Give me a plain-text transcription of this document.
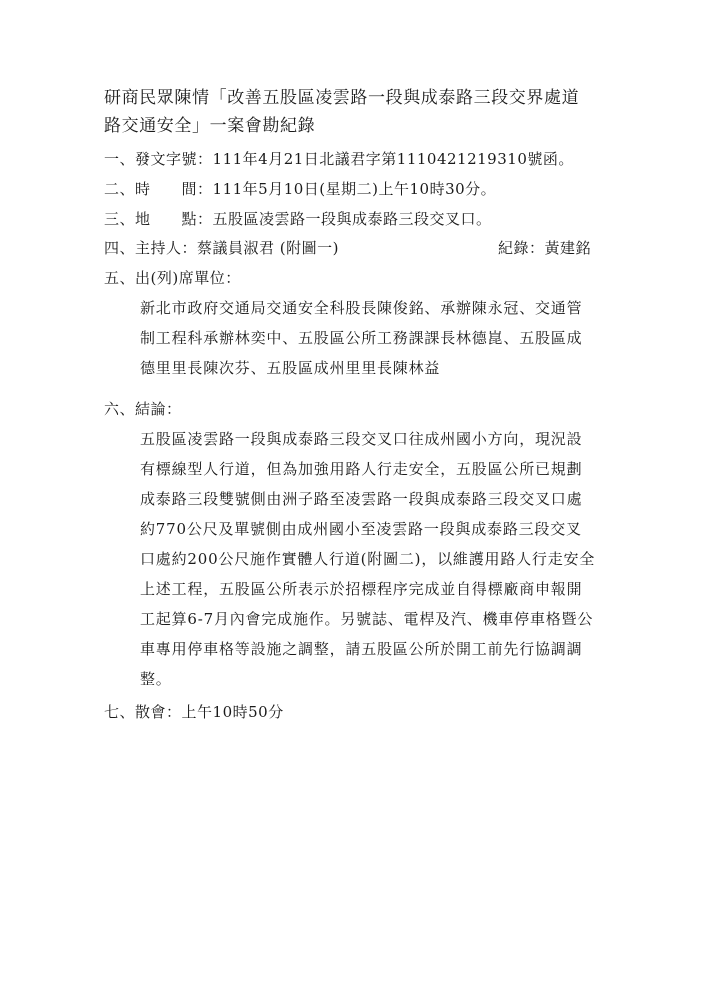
研商民眾陳情「改善五股區凌雲路一段與成泰路三段交界處道
路交通安全」一案會勘紀錄
一、發文字號：111年4月21日北議君字第1110421219310號函。
二、時　　間：111年5月10日(星期二)上午10時30分。
三、地　　點：五股區凌雲路一段與成泰路三段交叉口。
四、主持人：蔡議員淑君 (附圖一)	紀錄：黃建銘
五、出(列)席單位：
新北市政府交通局交通安全科股長陳俊銘、承辦陳永冠、交通管
制工程科承辦林奕中、五股區公所工務課課長林德崑、五股區成
德里里長陳次芬、五股區成州里里長陳林益
六、結論：
五股區凌雲路一段與成泰路三段交叉口往成州國小方向，現況設
有標線型人行道，但為加強用路人行走安全，五股區公所已規劃
成泰路三段雙號側由洲子路至凌雲路一段與成泰路三段交叉口處
約770公尺及單號側由成州國小至凌雲路一段與成泰路三段交叉
口處約200公尺施作實體人行道(附圖二)，以維護用路人行走安全
上述工程，五股區公所表示於招標程序完成並自得標廠商申報開
工起算6-7月內會完成施作。另號誌、電桿及汽、機車停車格暨公
車專用停車格等設施之調整，請五股區公所於開工前先行協調調
整。
七、散會：上午10時50分
